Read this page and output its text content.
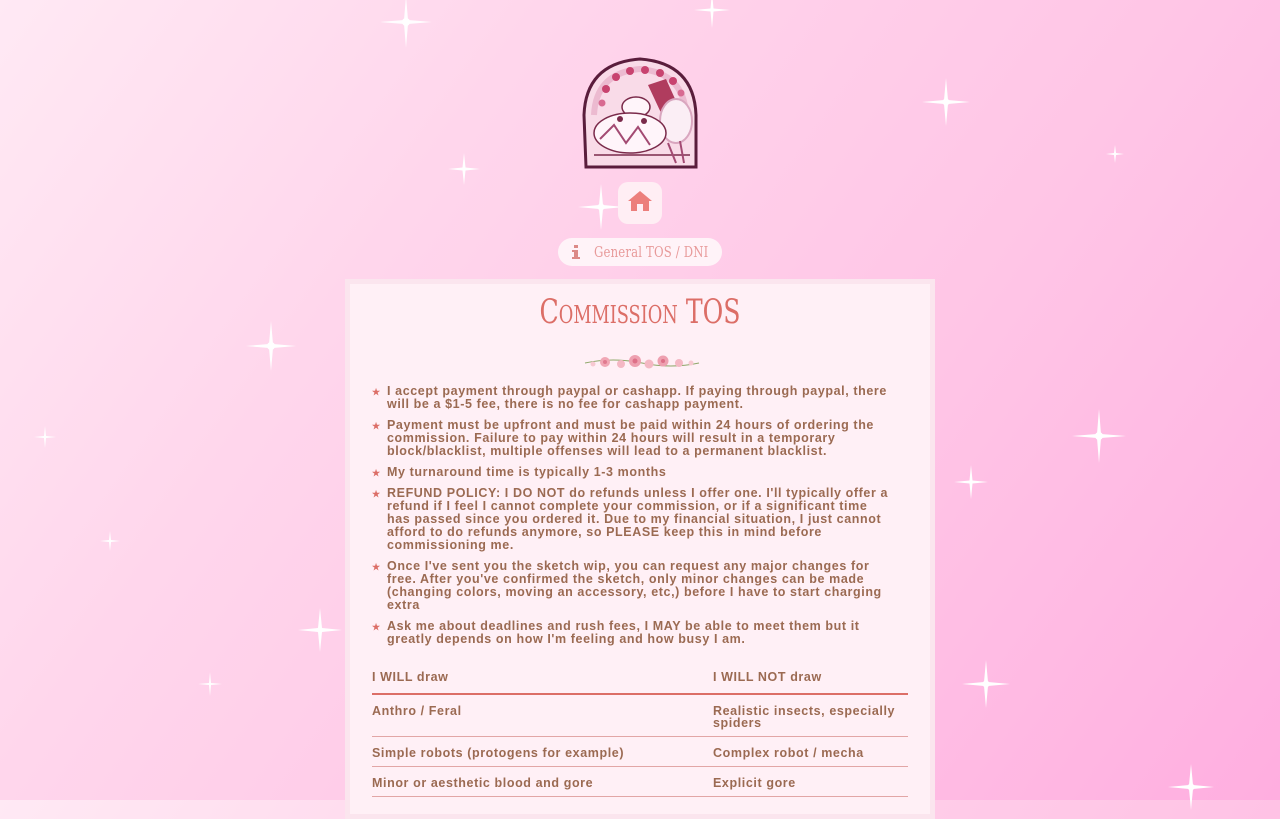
General TOS / DNI
Commission TOS
★ I accept payment through paypal or cashapp. If paying through paypal, there will be a $1-5 fee, there is no fee for cashapp payment.
★ Payment must be upfront and must be paid within 24 hours of ordering the commission. Failure to pay within 24 hours will result in a temporary block/blacklist, multiple offenses will lead to a permanent blacklist.
★ My turnaround time is typically 1-3 months
★ REFUND POLICY: I DO NOT do refunds unless I offer one. I'll typically offer a refund if I feel I cannot complete your commission, or if a significant time has passed since you ordered it. Due to my financial situation, I just cannot afford to do refunds anymore, so PLEASE keep this in mind before commissioning me.
★ Once I've sent you the sketch wip, you can request any major changes for free. After you've confirmed the sketch, only minor changes can be made (changing colors, moving an accessory, etc,) before I have to start charging extra
★ Ask me about deadlines and rush fees, I MAY be able to meet them but it greatly depends on how I'm feeling and how busy I am.
I WILL draw	I WILL NOT draw
Anthro / Feral	Realistic insects, especially spiders
Simple robots (protogens for example)	Complex robot / mecha
Minor or aesthetic blood and gore	Explicit gore
